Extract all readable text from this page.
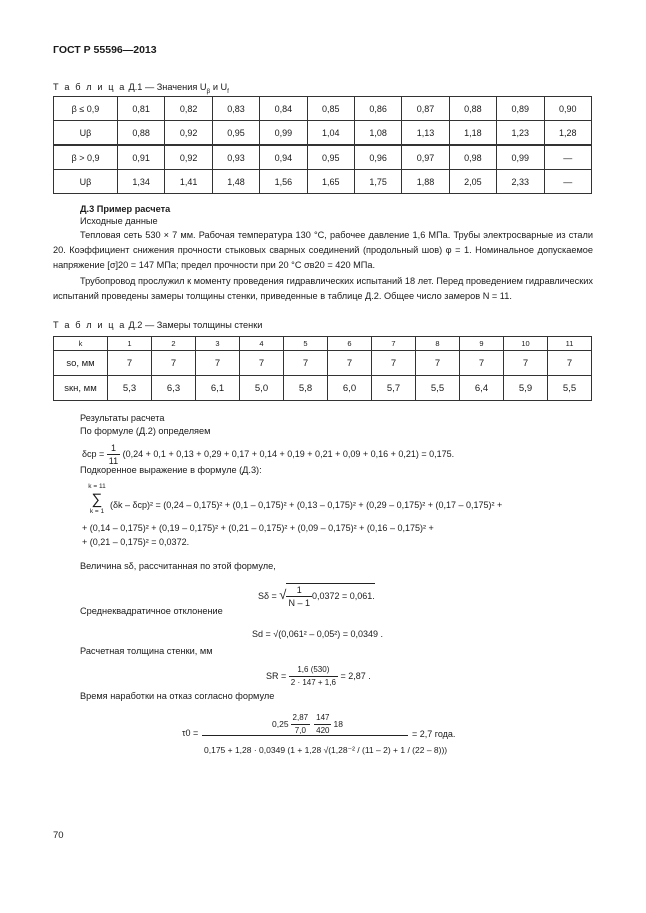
ГОСТ Р 55596—2013
Т а б л и ц а Д.1 — Значения $U_\beta$ и $U_f$
β ≤ 0,9	0,81	0,82	0,83	0,84	0,85	0,86	0,87	0,88	0,89	0,90
Uβ	0,88	0,92	0,95	0,99	1,04	1,08	1,13	1,18	1,23	1,28
β > 0,9	0,91	0,92	0,93	0,94	0,95	0,96	0,97	0,98	0,99	—
Uβ	1,34	1,41	1,48	1,56	1,65	1,75	1,88	2,05	2,33	—
Д.3 Пример расчета
Исходные данные
Тепловая сеть 530 × 7 мм. Рабочая температура 130 °С, рабочее давление 1,6 МПа. Трубы электросварные из стали 20. Коэффициент снижения прочности стыковых сварных соединений (продольный шов) φ = 1. Номинальное допускаемое напряжение [σ]20 = 147 МПа; предел прочности при 20 °С σв20 = 420 МПа.
Трубопровод прослужил к моменту проведения гидравлических испытаний 18 лет. Перед проведением гидравлических испытаний проведены замеры толщины стенки, приведенные в таблице Д.2. Общее число замеров N = 11.
Т а б л и ц а Д.2 — Замеры толщины стенки
k	1	2	3	4	5	6	7	8	9	10	11
sо, мм	7	7	7	7	7	7	7	7	7	7	7
sкн, мм	5,3	6,3	6,1	5,0	5,8	6,0	5,7	5,5	6,4	5,9	5,5
Результаты расчета
По формуле (Д.2) определяем
$\delta ср = \frac{1}{11} (0,24 + 0,1 + 0,13 + 0,29 + 0,17 + 0,14 + 0,19 + 0,21 + 0,09 + 0,16 + 0,21) = 0,175$.
Подкоренное выражение в формуле (Д.3):
k = 11
∑
k = 1
(δk – δср)² = (0,24 – 0,175)² + (0,1 – 0,175)² + (0,13 – 0,175)² + (0,29 – 0,175)² + (0,17 – 0,175)² +
+ (0,14 – 0,175)² + (0,19 – 0,175)² + (0,21 – 0,175)² + (0,09 – 0,175)² + (0,16 – 0,175)² +
+ (0,21 – 0,175)² = 0,0372.
Величина sδ, рассчитанная по этой формуле,
Sδ = √ $\frac{1}{N - 1} 0,0372 = 0,061$.
Среднеквадратичное отклонение
Sd = √(0,061² – 0,05²) = 0,0349 .
Расчетная толщина стенки, мм
SR = $\frac{1,6 (530)}{2 \cdot 147 + 1,6} = 2,87$ .
Время наработки на отказ согласно формуле
τ0 =
$0,25 \frac{2,87}{7,0} \frac{147}{420} 18$
0,175 + 1,28 · 0,0349 (1 + 1,28 √(1,28⁻² / (11 – 2) + 1 / (22 – 8)))
= 2,7 года.
70
